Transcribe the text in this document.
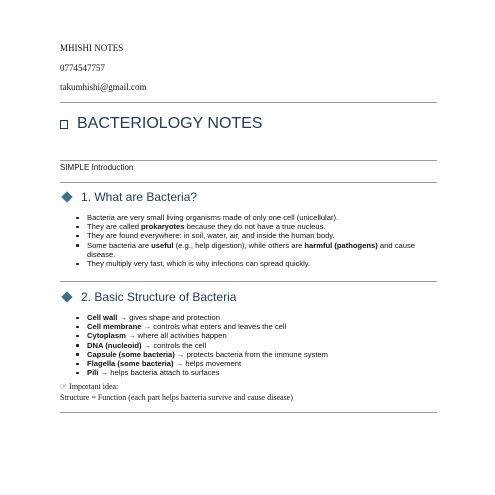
MHISHI NOTES
0774547757
takumhishi@gmail.com
BACTERIOLOGY NOTES
SIMPLE Introduction
1. What are Bacteria?
Bacteria are very small living organisms made of only one cell (unicellular).
They are called prokaryotes because they do not have a true nucleus.
They are found everywhere: in soil, water, air, and inside the human body.
Some bacteria are useful (e.g., help digestion), while others are harmful (pathogens) and cause disease.
They multiply very fast, which is why infections can spread quickly.
2. Basic Structure of Bacteria
Cell wall → gives shape and protection
Cell membrane → controls what enters and leaves the cell
Cytoplasm → where all activities happen
DNA (nucleoid) → controls the cell
Capsule (some bacteria) → protects bacteria from the immune system
Flagella (some bacteria) → helps movement
Pili → helps bacteria attach to surfaces
☞ Important idea:
Structure = Function (each part helps bacteria survive and cause disease)
